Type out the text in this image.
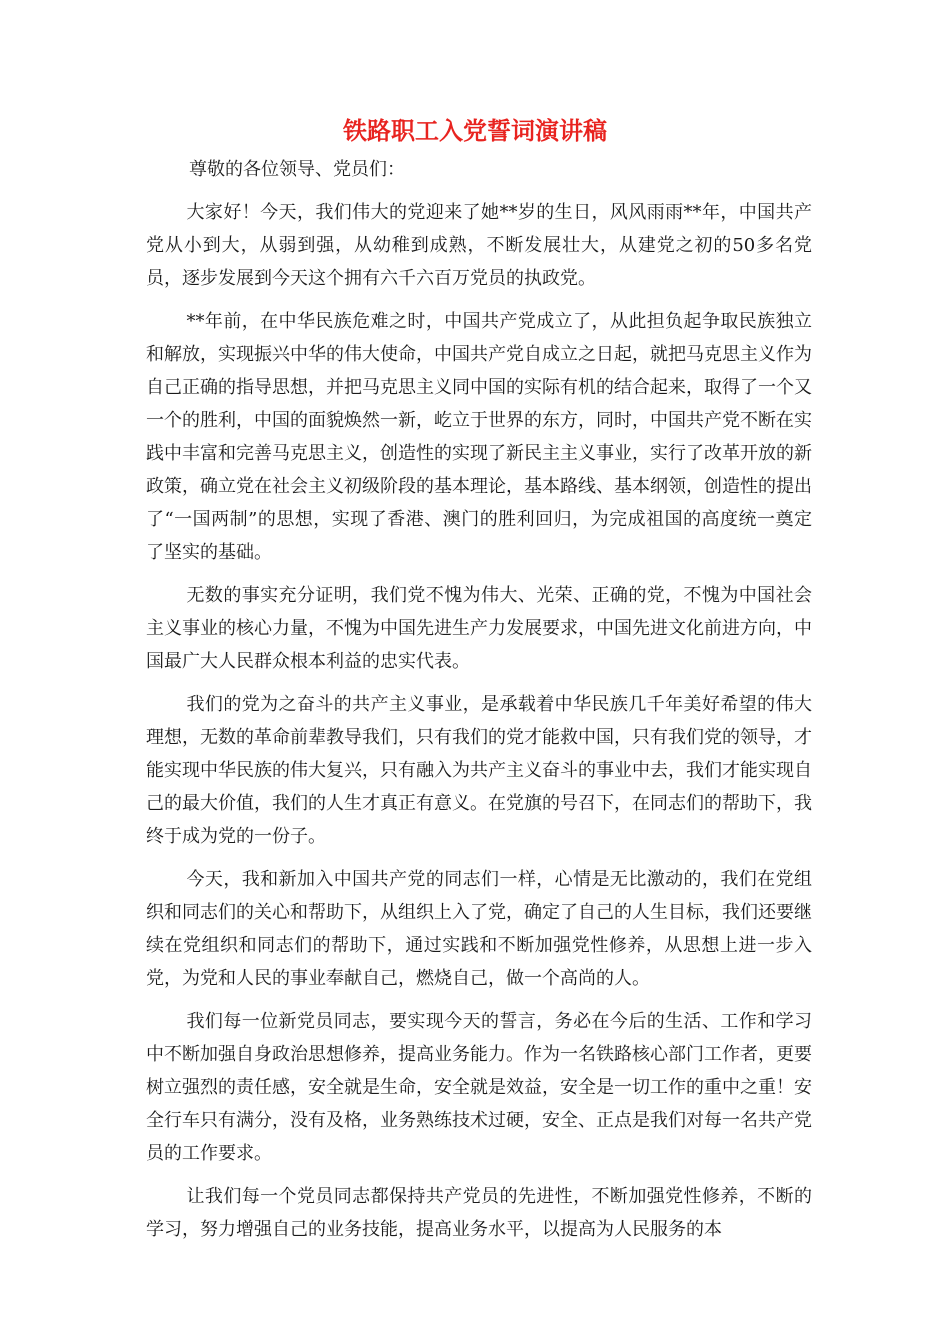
铁路职工入党誓词演讲稿
尊敬的各位领导、党员们：

大家好！今天，我们伟大的党迎来了她**岁的生日，风风雨雨**年，中国共产党从小到大，从弱到强，从幼稚到成熟，不断发展壮大，从建党之初的50多名党员，逐步发展到今天这个拥有六千六百万党员的执政党。

**年前，在中华民族危难之时，中国共产党成立了，从此担负起争取民族独立和解放，实现振兴中华的伟大使命，中国共产党自成立之日起，就把马克思主义作为自己正确的指导思想，并把马克思主义同中国的实际有机的结合起来，取得了一个又一个的胜利，中国的面貌焕然一新，屹立于世界的东方，同时，中国共产党不断在实践中丰富和完善马克思主义，创造性的实现了新民主主义事业，实行了改革开放的新政策，确立党在社会主义初级阶段的基本理论，基本路线、基本纲领，创造性的提出了“一国两制”的思想，实现了香港、澳门的胜利回归，为完成祖国的高度统一奠定了坚实的基础。

无数的事实充分证明，我们党不愧为伟大、光荣、正确的党，不愧为中国社会主义事业的核心力量，不愧为中国先进生产力发展要求，中国先进文化前进方向，中国最广大人民群众根本利益的忠实代表。

我们的党为之奋斗的共产主义事业，是承载着中华民族几千年美好希望的伟大理想，无数的革命前辈教导我们，只有我们的党才能救中国，只有我们党的领导，才能实现中华民族的伟大复兴，只有融入为共产主义奋斗的事业中去，我们才能实现自己的最大价值，我们的人生才真正有意义。在党旗的号召下，在同志们的帮助下，我终于成为党的一份子。

今天，我和新加入中国共产党的同志们一样，心情是无比激动的，我们在党组织和同志们的关心和帮助下，从组织上入了党，确定了自己的人生目标，我们还要继续在党组织和同志们的帮助下，通过实践和不断加强党性修养，从思想上进一步入党，为党和人民的事业奉献自己，燃烧自己，做一个高尚的人。

我们每一位新党员同志，要实现今天的誓言，务必在今后的生活、工作和学习中不断加强自身政治思想修养，提高业务能力。作为一名铁路核心部门工作者，更要树立强烈的责任感，安全就是生命，安全就是效益，安全是一切工作的重中之重！安全行车只有满分，没有及格，业务熟练技术过硬，安全、正点是我们对每一名共产党员的工作要求。

让我们每一个党员同志都保持共产党员的先进性，不断加强党性修养，不断的学习，努力增强自己的业务技能，提高业务水平，以提高为人民服务的本
